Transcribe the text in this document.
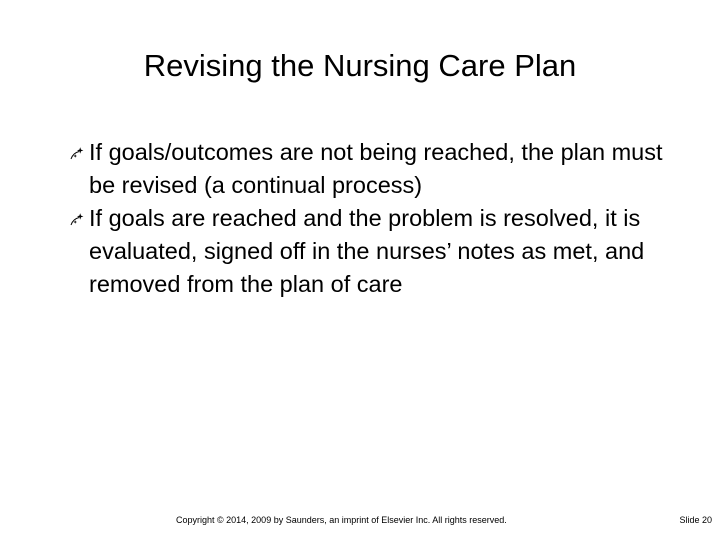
Revising the Nursing Care Plan
If goals/outcomes are not being reached, the plan must be revised (a continual process)
If goals are reached and the problem is resolved, it is evaluated, signed off in the nurses’ notes as met, and removed from the plan of care
Copyright © 2014, 2009 by Saunders, an imprint of Elsevier Inc. All rights reserved.	Slide 20
